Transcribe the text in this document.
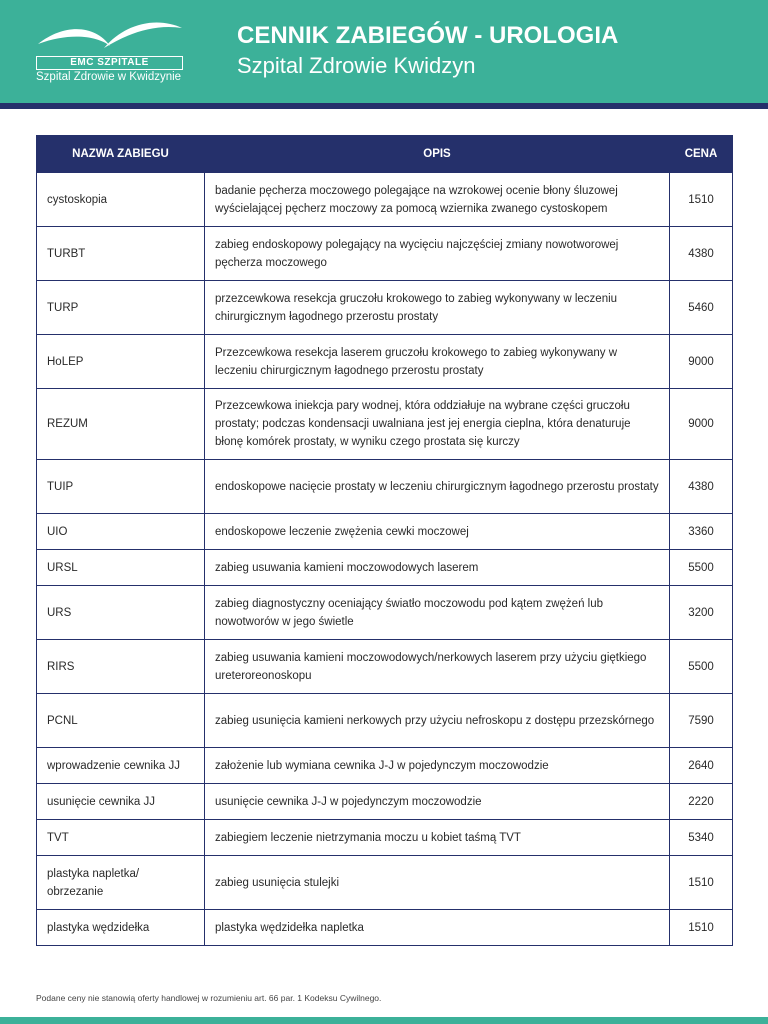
EMC SZPITALE
Szpital Zdrowie w Kwidzynie
CENNIK ZABIEGÓW - UROLOGIA
Szpital Zdrowie Kwidzyn
NAZWA ZABIEGU	OPIS	CENA
cystoskopia	badanie pęcherza moczowego polegające na wzrokowej ocenie błony śluzowej wyścielającej pęcherz moczowy za pomocą wziernika zwanego cystoskopem	1510
TURBT	zabieg endoskopowy polegający na wycięciu najczęściej zmiany nowotworowej pęcherza moczowego	4380
TURP	przezcewkowa resekcja gruczołu krokowego to zabieg wykonywany w leczeniu chirurgicznym łagodnego przerostu prostaty	5460
HoLEP	Przezcewkowa resekcja laserem gruczołu krokowego to zabieg wykonywany w leczeniu chirurgicznym łagodnego przerostu prostaty	9000
REZUM	Przezcewkowa iniekcja pary wodnej, która oddziałuje na wybrane części gruczołu prostaty; podczas kondensacji uwalniana jest jej energia cieplna, która denaturuje błonę komórek prostaty, w wyniku czego prostata się kurczy	9000
TUIP	endoskopowe nacięcie prostaty w leczeniu chirurgicznym łagodnego przerostu prostaty	4380
UIO	endoskopowe leczenie zwężenia cewki moczowej	3360
URSL	zabieg usuwania kamieni moczowodowych laserem	5500
URS	zabieg diagnostyczny oceniający światło moczowodu pod kątem zwężeń lub nowotworów w jego świetle	3200
RIRS	zabieg usuwania kamieni moczowodowych/nerkowych laserem przy użyciu giętkiego ureteroreonoskopu	5500
PCNL	zabieg usunięcia kamieni nerkowych przy użyciu nefroskopu z dostępu przezskórnego	7590
wprowadzenie cewnika JJ	założenie lub wymiana cewnika J-J w pojedynczym moczowodzie	2640
usunięcie cewnika JJ	usunięcie cewnika J-J w pojedynczym moczowodzie	2220
TVT	zabiegiem leczenie nietrzymania moczu u kobiet taśmą TVT	5340
plastyka napletka/ obrzezanie	zabieg usunięcia stulejki	1510
plastyka wędzidełka	plastyka wędzidełka napletka	1510
Podane ceny nie stanowią oferty handlowej w rozumieniu art. 66 par. 1 Kodeksu Cywilnego.
